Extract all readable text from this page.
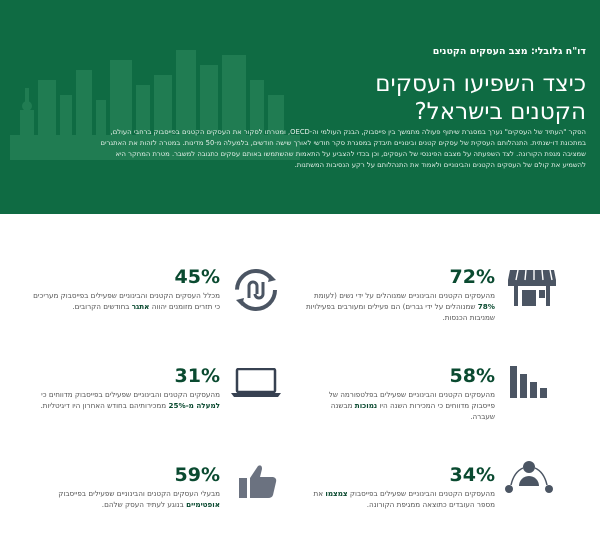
דו"ח גלובלי: מצב העסקים הקטנים
כיצד השפיעו העסקים
הקטנים בישראל?

הסקר "העתיד של העסקים" נערך במסגרת שיתוף פעולה מתמשך בין פייסבוק, הבנק העולמי וה-OECD, ומטרתו לסקור את העסקים הקטנים בפייסבוק ברחבי העולם, במתכונת דו-שנתית. התנהלותם העסקית של עסקים קטנים ובינוניים תיבדק במסגרת סקר חודשי לאורך שישה חודשים, בלמעלה מ-50 מדינות. במטרה לזהות את האתגרים שמציבה מגפת הקורונה. לצד השפעתה על מצבם הפיננסי של העסקים, וכן בכדי להצביע על התאמות שהשתמשו באותם עסקים כתגובה למשבר. מטרת המחקר היא להשמיע את קולם של העסקים הקטנים והבינוניים ולאמוד את התנהלותם על רקע הנסיבות המשתנות.

72%
מהעסקים הקטנים והבינוניים שמנוהלים על ידי נשים (לעומת 78% שמנוהלים על ידי גברים) הם פעילים ומעורבים בפעילויות שמניבות הכנסות.
45%
מכלל העסקים הקטנים והבינוניים שפעילים בפייסבוק מעריכים כי תזרים מזומנים יהווה אתגר בחודשים הקרובים.
58%
מהעסקים הקטנים והבינוניים שפעילים בפלטפורמה של פייסבוק מדווחים כי המכירות השנה היו נמוכות מבשנה שעברה.
31%
מהעסקים הקטנים והבינוניים שפעילים בפייסבוק מדווחים כי למעלה מ-25% ממכירותיהם בחודש האחרון היו דיגיטליות.
34%
מהעסקים הקטנים והבינוניים שפעילים בפייסבוק צמצמו את מספר העובדים כתוצאה ממגיפת הקורונה.
59%
מבעלי העסקים הקטנים והבינוניים שפעילים בפייסבוק אופטימיים בנוגע לעתיד העסק שלהם.
